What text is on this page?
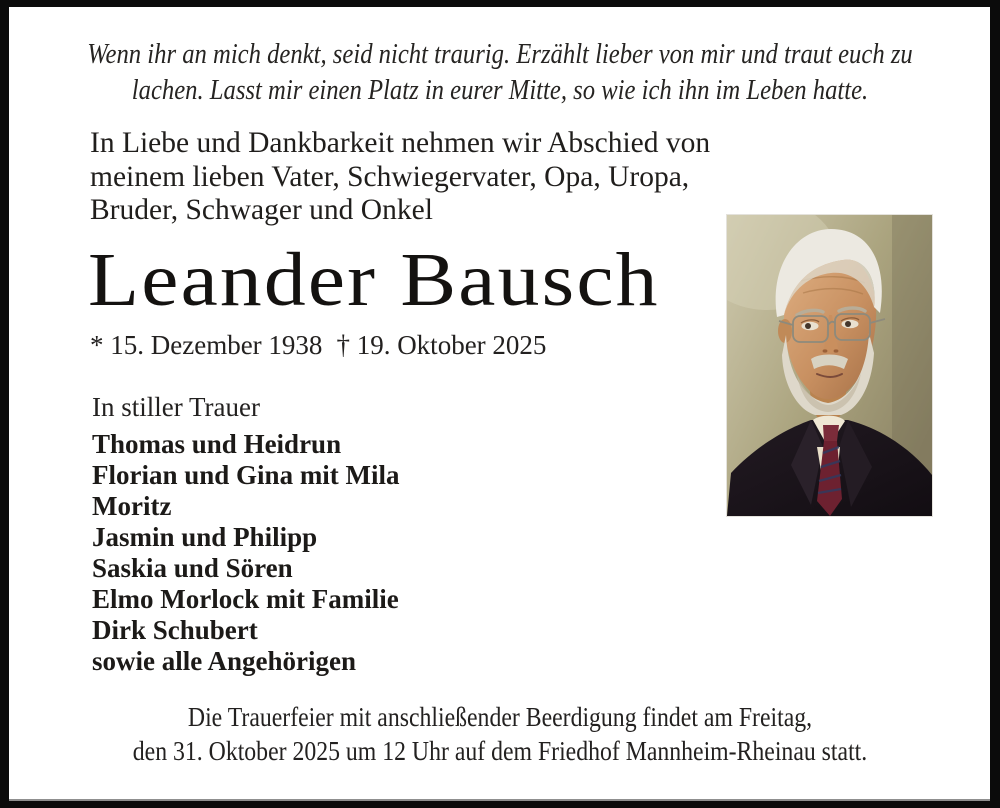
Wenn ihr an mich denkt, seid nicht traurig. Erzählt lieber von mir und traut euch zu
lachen. Lasst mir einen Platz in eurer Mitte, so wie ich ihn im Leben hatte.
In Liebe und Dankbarkeit nehmen wir Abschied von
meinem lieben Vater, Schwiegervater, Opa, Uropa,
Bruder, Schwager und Onkel
Leander Bausch
* 15. Dezember 1938 † 19. Oktober 2025
In stiller Trauer
Thomas und Heidrun
Florian und Gina mit Mila
Moritz
Jasmin und Philipp
Saskia und Sören
Elmo Morlock mit Familie
Dirk Schubert
sowie alle Angehörigen
Die Trauerfeier mit anschließender Beerdigung findet am Freitag,
den 31. Oktober 2025 um 12 Uhr auf dem Friedhof Mannheim-Rheinau statt.
